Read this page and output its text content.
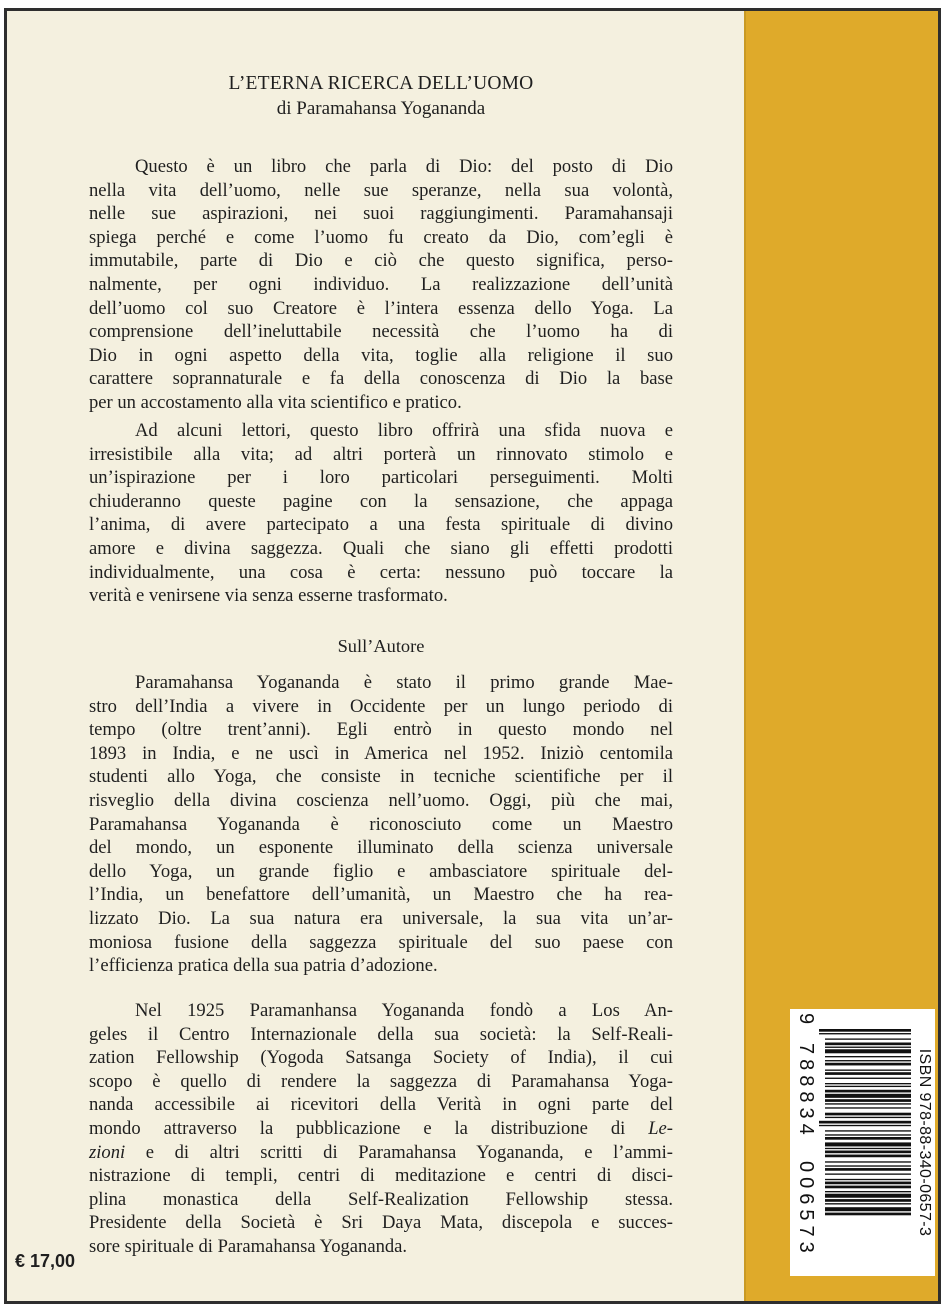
L’ETERNA RICERCA DELL’UOMO
di Paramahansa Yogananda
Questo è un libro che parla di Dio: del posto di Dio
nella vita dell’uomo, nelle sue speranze, nella sua volontà,
nelle sue aspirazioni, nei suoi raggiungimenti. Paramahansaji
spiega perché e come l’uomo fu creato da Dio, com’egli è
immutabile, parte di Dio e ciò che questo significa, perso-
nalmente, per ogni individuo. La realizzazione dell’unità
dell’uomo col suo Creatore è l’intera essenza dello Yoga. La
comprensione dell’ineluttabile necessità che l’uomo ha di
Dio in ogni aspetto della vita, toglie alla religione il suo
carattere soprannaturale e fa della conoscenza di Dio la base
per un accostamento alla vita scientifico e pratico.
Ad alcuni lettori, questo libro offrirà una sfida nuova e
irresistibile alla vita; ad altri porterà un rinnovato stimolo e
un’ispirazione per i loro particolari perseguimenti. Molti
chiuderanno queste pagine con la sensazione, che appaga
l’anima, di avere partecipato a una festa spirituale di divino
amore e divina saggezza. Quali che siano gli effetti prodotti
individualmente, una cosa è certa: nessuno può toccare la
verità e venirsene via senza esserne trasformato.
Sull’Autore
Paramahansa Yogananda è stato il primo grande Mae-
stro dell’India a vivere in Occidente per un lungo periodo di
tempo (oltre trent’anni). Egli entrò in questo mondo nel
1893 in India, e ne uscì in America nel 1952. Iniziò centomila
studenti allo Yoga, che consiste in tecniche scientifiche per il
risveglio della divina coscienza nell’uomo. Oggi, più che mai,
Paramahansa Yogananda è riconosciuto come un Maestro
del mondo, un esponente illuminato della scienza universale
dello Yoga, un grande figlio e ambasciatore spirituale del-
l’India, un benefattore dell’umanità, un Maestro che ha rea-
lizzato Dio. La sua natura era universale, la sua vita un’ar-
moniosa fusione della saggezza spirituale del suo paese con
l’efficienza pratica della sua patria d’adozione.
Nel 1925 Paramanhansa Yogananda fondò a Los An-
geles il Centro Internazionale della sua società: la Self-Reali-
zation Fellowship (Yogoda Satsanga Society of India), il cui
scopo è quello di rendere la saggezza di Paramahansa Yoga-
nanda accessibile ai ricevitori della Verità in ogni parte del
mondo attraverso la pubblicazione e la distribuzione di Le-
zioni e di altri scritti di Paramahansa Yogananda, e l’ammi-
nistrazione di templi, centri di meditazione e centri di disci-
plina monastica della Self-Realization Fellowship stessa.
Presidente della Società è Sri Daya Mata, discepola e succes-
sore spirituale di Paramahansa Yogananda.
€ 17,00
ISBN 978-88-340-0657-3
9
788834
006573
